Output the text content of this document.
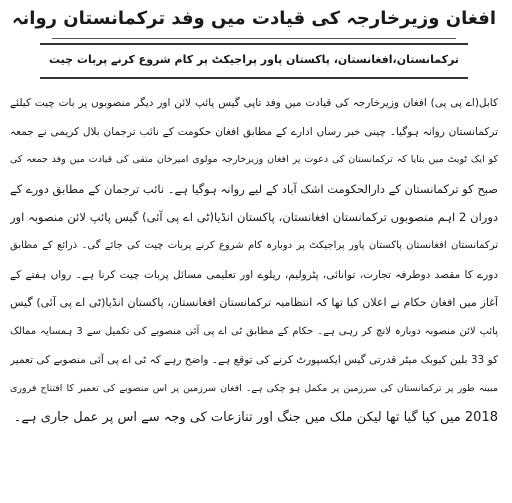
افغان وزیرخارجہ کی قیادت میں وفد ترکمانستان روانہ
ترکمانستان،افغانستان، پاکستان پاور پراجیکٹ پر کام شروع کرنے پربات چیت
کابل(اے پی پی) افغان وزیرخارجہ کی قیادت میں وفد تاپی گیس پائپ لائن اور دیگر منصوبوں پر بات چیت کیلئے
ترکمانستان روانہ ہوگیا۔ چینی خبر رساں ادارے کے مطابق افغان حکومت کے نائب ترجمان بلال کریمی نے جمعہ
کو ایک ٹویٹ میں بتایا کہ ترکمانستان کی دعوت پر افغان وزیرخارجہ مولوی امیرخان متقی کی قیادت میں وفد جمعہ کی
صبح کو ترکمانستان کے دارالحکومت اشک آباد کے لیے روانہ ہوگیا ہے۔ نائب ترجمان کے مطابق دورے کے
دوران 2 اہم منصوبوں ترکمانستان افغانستان، پاکستان انڈیا(ٹی اے پی آئی) گیس پائپ لائن منصوبہ اور
ترکمانستان افغانستان پاکستان پاور پراجیکٹ پر دوبارہ کام شروع کرنے پربات چیت کی جائے گی۔ ذرائع کے مطابق
دورے کا مقصد دوطرفہ تجارت، توانائی، پٹرولیم، ریلوے اور تعلیمی مسائل پربات چیت کرنا ہے۔ رواں ہفتے کے
آغاز میں افغان حکام نے اعلان کیا تھا کہ انتظامیہ ترکمانستان افغانستان، پاکستان انڈیا(ٹی اے پی آئی) گیس
پائپ لائن منصوبہ دوبارہ لانچ کر رہی ہے۔ حکام کے مطابق ٹی اے پی آئی منصوبے کی تکمیل سے 3 ہمسایہ ممالک
کو 33 بلین کیوبک میٹر قدرتی گیس ایکسپورٹ کرنے کی توقع ہے۔ واضح رہے کہ ٹی اے پی آئی منصوبے کی تعمیر
مبینہ طور پر ترکمانستان کی سرزمین پر مکمل ہو چکی ہے۔ افغان سرزمین پر اس منصوبے کی تعمیر کا افتتاح فروری
2018 میں کیا گیا تھا لیکن ملک میں جنگ اور تنازعات کی وجہ سے اس پر عمل جاری ہے۔
